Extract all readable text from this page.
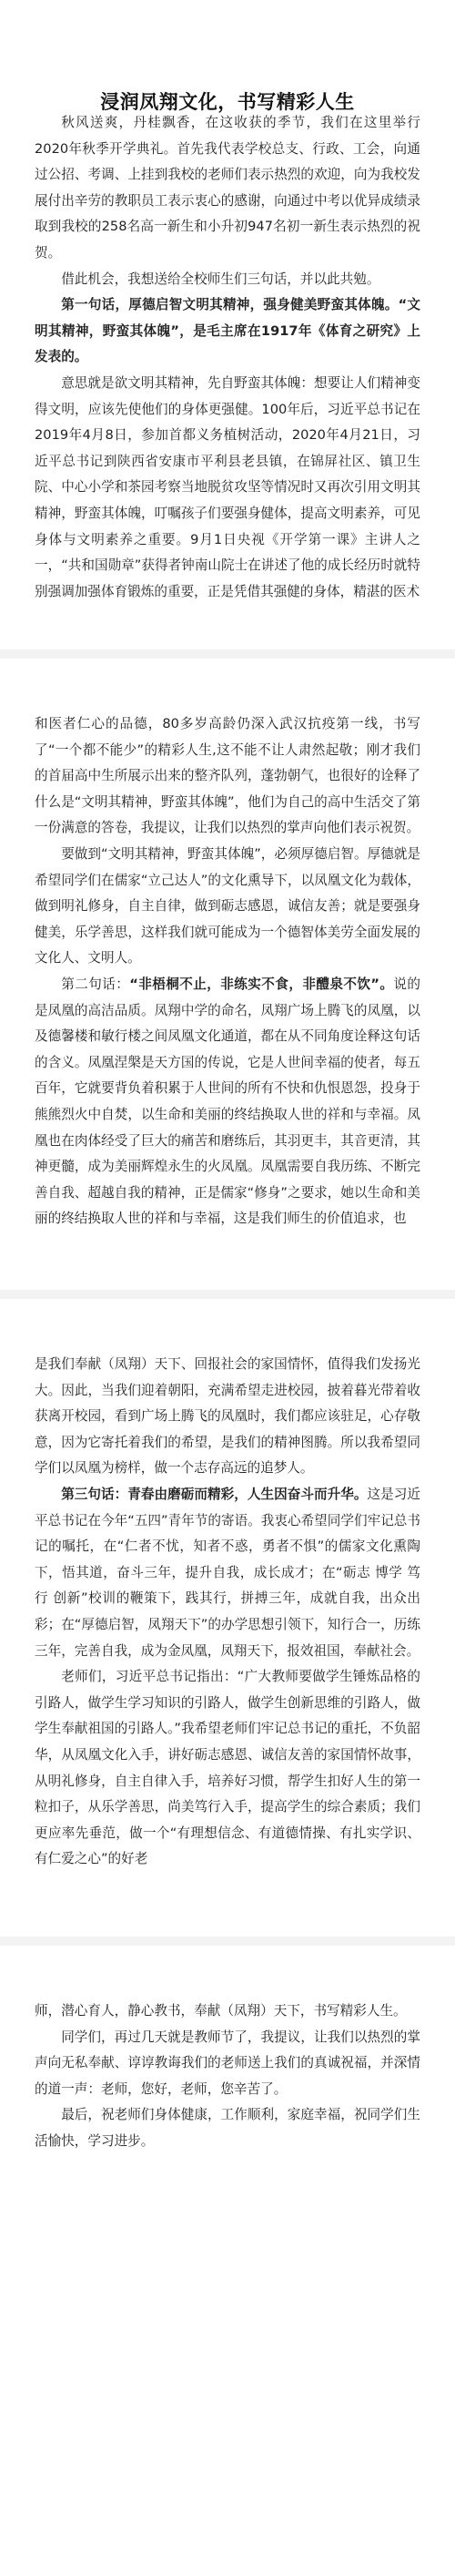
浸润凤翔文化，书写精彩人生

秋风送爽，丹桂飘香，在这收获的季节，我们在这里举行2020年秋季开学典礼。首先我代表学校总支、行政、工会，向通过公招、考调、上挂到我校的老师们表示热烈的欢迎，向为我校发展付出辛劳的教职员工表示衷心的感谢，向通过中考以优异成绩录取到我校的258名高一新生和小升初947名初一新生表示热烈的祝贺。

借此机会，我想送给全校师生们三句话，并以此共勉。

第一句话，厚德启智文明其精神，强身健美野蛮其体魄。“文明其精神，野蛮其体魄”，是毛主席在1917年《体育之研究》上发表的。

意思就是欲文明其精神，先自野蛮其体魄：想要让人们精神变得文明，应该先使他们的身体更强健。100年后，习近平总书记在2019年4月8日，参加首都义务植树活动，2020年4月21日，习近平总书记到陕西省安康市平利县老县镇，在锦屏社区、镇卫生院、中心小学和茶园考察当地脱贫攻坚等情况时又再次引用文明其精神，野蛮其体魄，叮嘱孩子们要强身健体，提高文明素养，可见身体与文明素养之重要。9月1日央视《开学第一课》主讲人之一，“共和国勋章”获得者钟南山院士在讲述了他的成长经历时就特别强调加强体育锻炼的重要，正是凭借其强健的身体，精湛的医术

和医者仁心的品德，80多岁高龄仍深入武汉抗疫第一线，书写了“一个都不能少”的精彩人生,这不能不让人肃然起敬；刚才我们的首届高中生所展示出来的整齐队列，蓬勃朝气，也很好的诠释了什么是“文明其精神，野蛮其体魄”，他们为自己的高中生活交了第一份满意的答卷，我提议，让我们以热烈的掌声向他们表示祝贺。

要做到“文明其精神，野蛮其体魄”，必须厚德启智。厚德就是希望同学们在儒家“立己达人”的文化熏导下，以凤凰文化为载体，做到明礼修身，自主自律，做到砺志感恩，诚信友善；就是要强身健美，乐学善思，这样我们就可能成为一个德智体美劳全面发展的文化人、文明人。

第二句话：“非梧桐不止，非练实不食，非醴泉不饮”。说的是凤凰的高洁品质。凤翔中学的命名，凤翔广场上腾飞的凤凰，以及德馨楼和敏行楼之间凤凰文化通道，都在从不同角度诠释这句话的含义。凤凰涅槃是天方国的传说，它是人世间幸福的使者，每五百年，它就要背负着积累于人世间的所有不快和仇恨恩怨，投身于熊熊烈火中自焚，以生命和美丽的终结换取人世的祥和与幸福。凤凰也在肉体经受了巨大的痛苦和磨练后，其羽更丰，其音更清，其神更髓，成为美丽辉煌永生的火凤凰。凤凰需要自我历练、不断完善自我、超越自我的精神，正是儒家“修身”之要求，她以生命和美丽的终结换取人世的祥和与幸福，这是我们师生的价值追求，也

是我们奉献（凤翔）天下、回报社会的家国情怀，值得我们发扬光大。因此，当我们迎着朝阳，充满希望走进校园，披着暮光带着收获离开校园，看到广场上腾飞的凤凰时，我们都应该驻足，心存敬意，因为它寄托着我们的希望，是我们的精神图腾。所以我希望同学们以凤凰为榜样，做一个志存高远的追梦人。

第三句话：青春由磨砺而精彩，人生因奋斗而升华。这是习近平总书记在今年“五四”青年节的寄语。我衷心希望同学们牢记总书记的嘱托，在“仁者不忧，知者不惑，勇者不惧”的儒家文化熏陶下，悟其道，奋斗三年，提升自我，成长成才；在“砺志 博学 笃行 创新”校训的鞭策下，践其行，拼搏三年，成就自我，出众出彩；在“厚德启智，凤翔天下”的办学思想引领下，知行合一，历练三年，完善自我，成为金凤凰，凤翔天下，报效祖国，奉献社会。

老师们，习近平总书记指出：“广大教师要做学生锤炼品格的引路人，做学生学习知识的引路人，做学生创新思维的引路人，做学生奉献祖国的引路人。”我希望老师们牢记总书记的重托，不负韶华，从凤凰文化入手，讲好砺志感恩、诚信友善的家国情怀故事，从明礼修身，自主自律入手，培养好习惯，帮学生扣好人生的第一粒扣子，从乐学善思，尚美笃行入手，提高学生的综合素质；我们更应率先垂范，做一个“有理想信念、有道德情操、有扎实学识、有仁爱之心”的好老

师，潜心育人，静心教书，奉献（凤翔）天下，书写精彩人生。

同学们，再过几天就是教师节了，我提议，让我们以热烈的掌声向无私奉献、谆谆教诲我们的老师送上我们的真诚祝福，并深情的道一声：老师，您好，老师，您辛苦了。

最后，祝老师们身体健康，工作顺利，家庭幸福，祝同学们生活愉快，学习进步。
